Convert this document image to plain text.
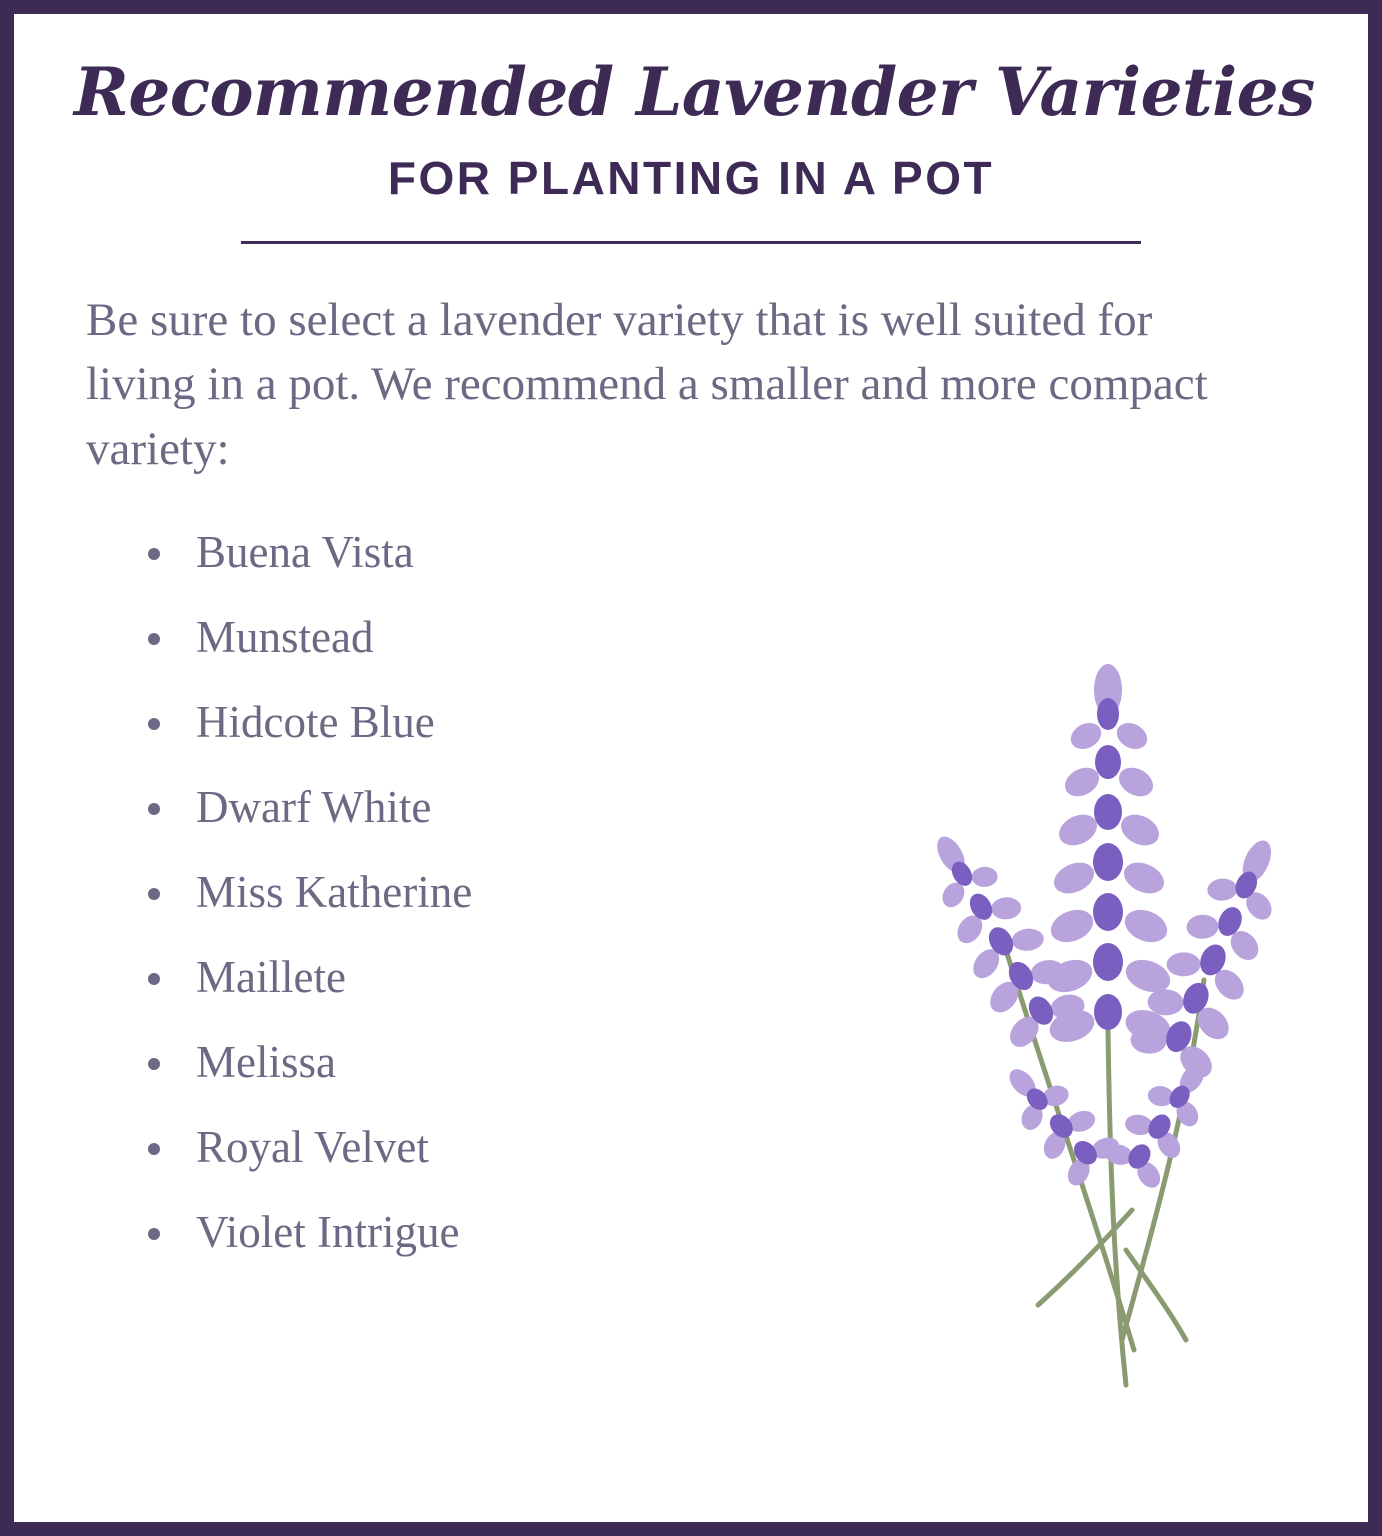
Recommended Lavender Varieties
FOR PLANTING IN A POT

Be sure to select a lavender variety that is well suited for living in a pot. We recommend a smaller and more compact variety:

Buena Vista
Munstead
Hidcote Blue
Dwarf White
Miss Katherine
Maillete
Melissa
Royal Velvet
Violet Intrigue
